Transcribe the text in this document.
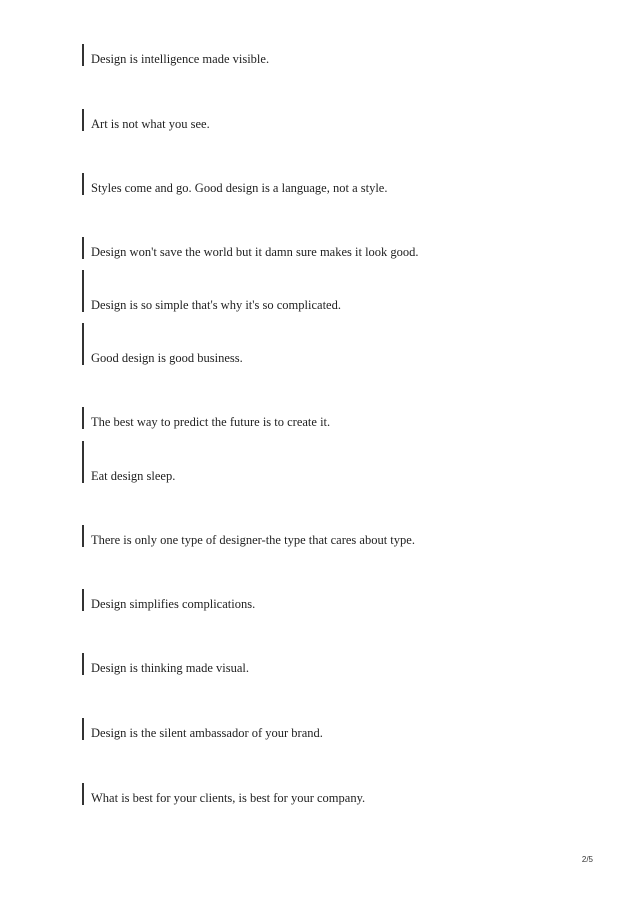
Design is intelligence made visible.
Art is not what you see.
Styles come and go. Good design is a language, not a style.
Design won't save the world but it damn sure makes it look good.
Design is so simple that's why it's so complicated.
Good design is good business.
The best way to predict the future is to create it.
Eat design sleep.
There is only one type of designer-the type that cares about type.
Design simplifies complications.
Design is thinking made visual.
Design is the silent ambassador of your brand.
What is best for your clients, is best for your company.
2/5
